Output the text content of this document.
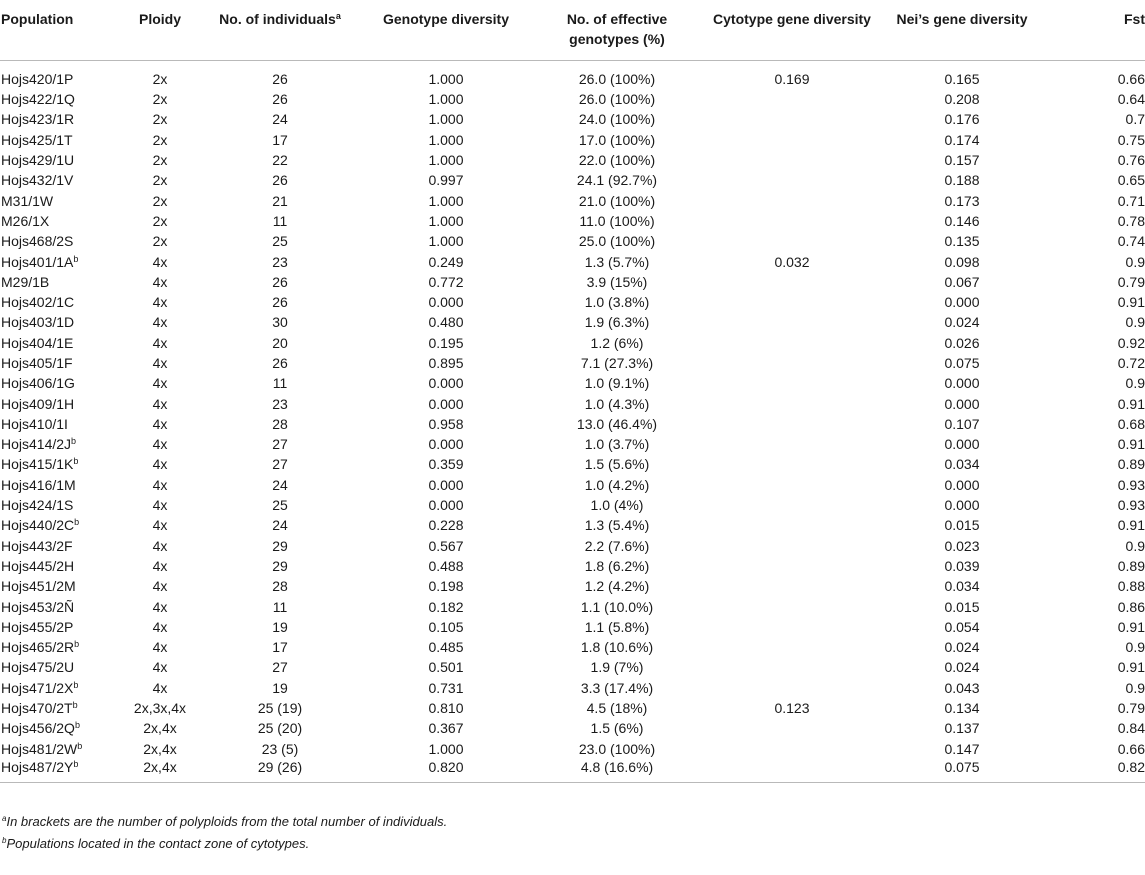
Population	Ploidy	No. of individuals$^a$	Genotype diversity	No. of effective genotypes (%)	Cytotype gene diversity	Nei’s gene diversity	Fst
Hojs420/1P	2x	26	1.000	26.0 (100%)	0.169	0.165	0.66
Hojs422/1Q	2x	26	1.000	26.0 (100%)		0.208	0.64
Hojs423/1R	2x	24	1.000	24.0 (100%)		0.176	0.7
Hojs425/1T	2x	17	1.000	17.0 (100%)		0.174	0.75
Hojs429/1U	2x	22	1.000	22.0 (100%)		0.157	0.76
Hojs432/1V	2x	26	0.997	24.1 (92.7%)		0.188	0.65
M31/1W	2x	21	1.000	21.0 (100%)		0.173	0.71
M26/1X	2x	11	1.000	11.0 (100%)		0.146	0.78
Hojs468/2S	2x	25	1.000	25.0 (100%)		0.135	0.74
$Hojs401/1A^b$	4x	23	0.249	1.3 (5.7%)	0.032	0.098	0.9
M29/1B	4x	26	0.772	3.9 (15%)		0.067	0.79
Hojs402/1C	4x	26	0.000	1.0 (3.8%)		0.000	0.91
Hojs403/1D	4x	30	0.480	1.9 (6.3%)		0.024	0.9
Hojs404/1E	4x	20	0.195	1.2 (6%)		0.026	0.92
Hojs405/1F	4x	26	0.895	7.1 (27.3%)		0.075	0.72
Hojs406/1G	4x	11	0.000	1.0 (9.1%)		0.000	0.9
Hojs409/1H	4x	23	0.000	1.0 (4.3%)		0.000	0.91
Hojs410/1I	4x	28	0.958	13.0 (46.4%)		0.107	0.68
$Hojs414/2J^b$	4x	27	0.000	1.0 (3.7%)		0.000	0.91
$Hojs415/1K^b$	4x	27	0.359	1.5 (5.6%)		0.034	0.89
Hojs416/1M	4x	24	0.000	1.0 (4.2%)		0.000	0.93
Hojs424/1S	4x	25	0.000	1.0 (4%)		0.000	0.93
$Hojs440/2C^b$	4x	24	0.228	1.3 (5.4%)		0.015	0.91
Hojs443/2F	4x	29	0.567	2.2 (7.6%)		0.023	0.9
Hojs445/2H	4x	29	0.488	1.8 (6.2%)		0.039	0.89
Hojs451/2M	4x	28	0.198	1.2 (4.2%)		0.034	0.88
Hojs453/2Ñ	4x	11	0.182	1.1 (10.0%)		0.015	0.86
Hojs455/2P	4x	19	0.105	1.1 (5.8%)		0.054	0.91
$Hojs465/2R^b$	4x	17	0.485	1.8 (10.6%)		0.024	0.9
Hojs475/2U	4x	27	0.501	1.9 (7%)		0.024	0.91
$Hojs471/2X^b$	4x	19	0.731	3.3 (17.4%)		0.043	0.9
$Hojs470/2T^b$	2x,3x,4x	25 (19)	0.810	4.5 (18%)	0.123	0.134	0.79
$Hojs456/2Q^b$	2x,4x	25 (20)	0.367	1.5 (6%)		0.137	0.84
$Hojs481/2W^b$	2x,4x	23 (5)	1.000	23.0 (100%)		0.147	0.66
$Hojs487/2Y^b$	2x,4x	29 (26)	0.820	4.8 (16.6%)		0.075	0.82
$^a$In brackets are the number of polyploids from the total number of individuals.
$^b$Populations located in the contact zone of cytotypes.
